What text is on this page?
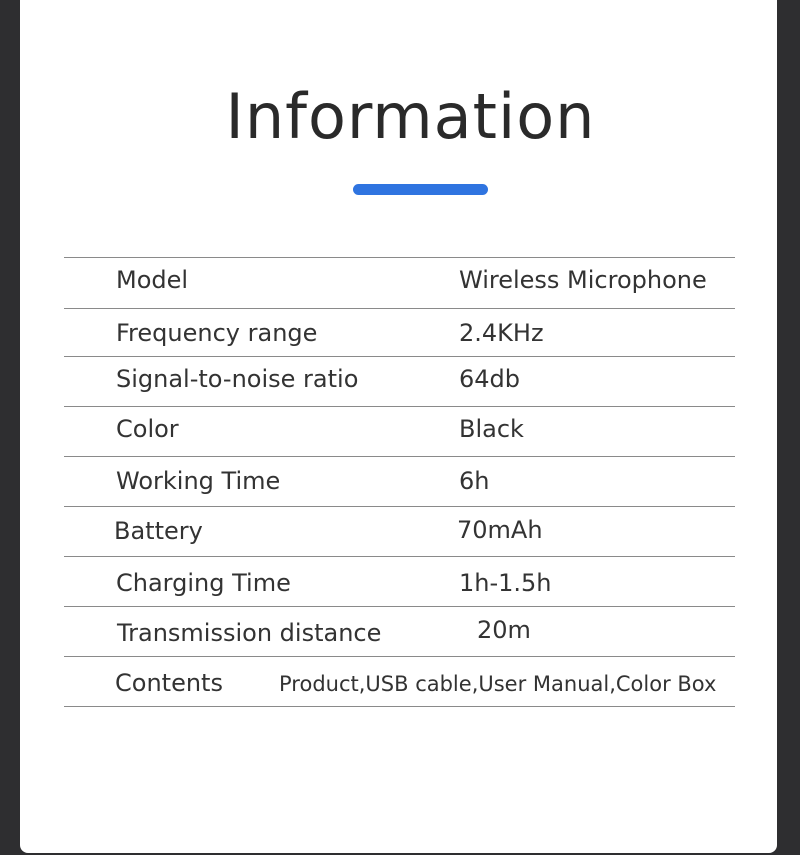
Information
Model	Wireless Microphone
Frequency range	2.4KHz
Signal-to-noise ratio	64db
Color	Black
Working Time	6h
Battery	70mAh
Charging Time	1h-1.5h
Transmission distance	20m
Contents	Product,USB cable,User Manual,Color Box
